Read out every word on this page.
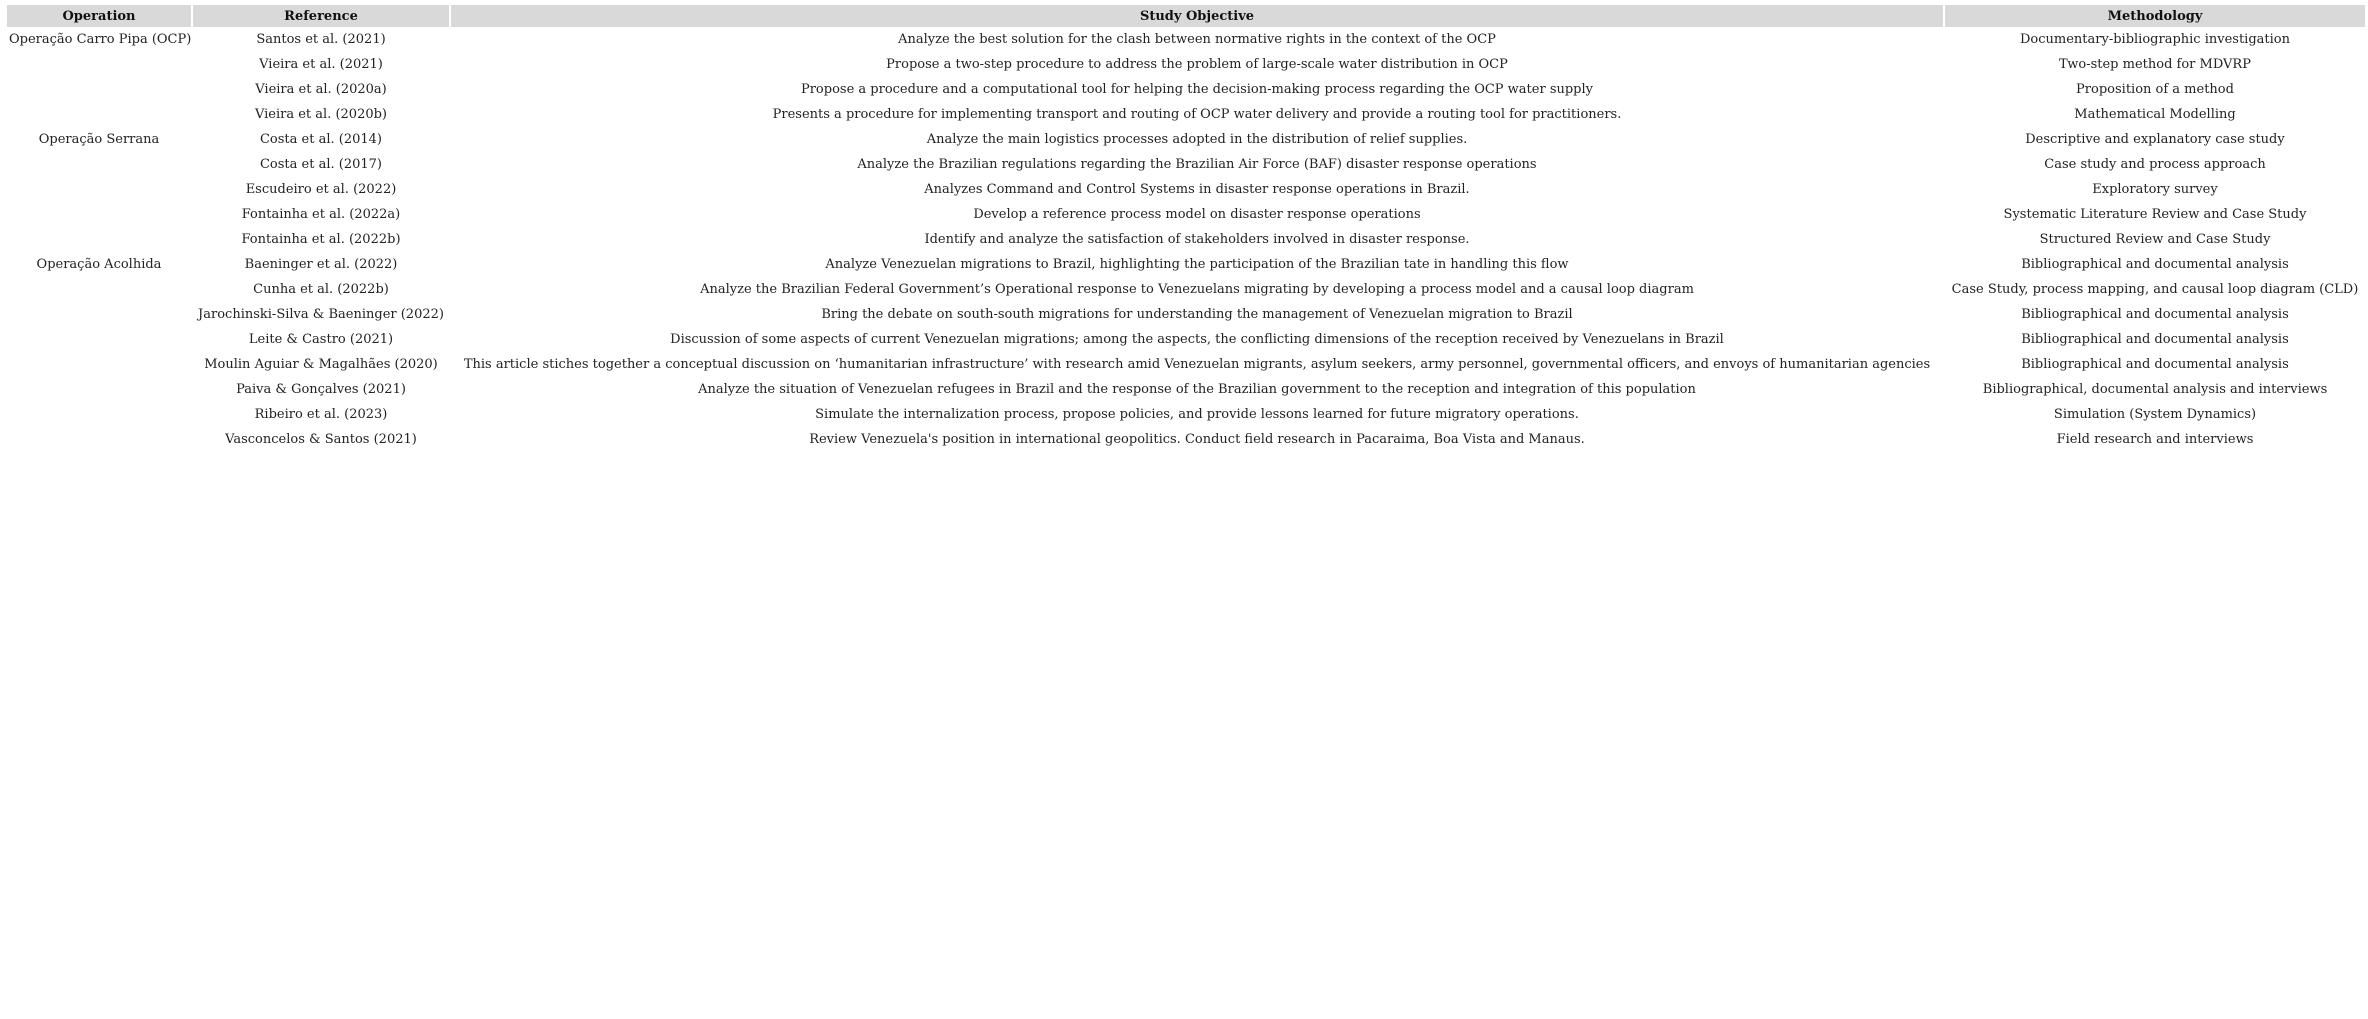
Operation	Reference	Study Objective	Methodology
Operação Carro Pipa (OCP)	Santos et al. (2021)	Analyze the best solution for the clash between normative rights in the context of the OCP	Documentary-bibliographic investigation
	Vieira et al. (2021)	Propose a two-step procedure to address the problem of large-scale water distribution in OCP	Two-step method for MDVRP
	Vieira et al. (2020a)	Propose a procedure and a computational tool for helping the decision-making process regarding the OCP water supply	Proposition of a method
	Vieira et al. (2020b)	Presents a procedure for implementing transport and routing of OCP water delivery and provide a routing tool for practitioners.	Mathematical Modelling
Operação Serrana	Costa et al. (2014)	Analyze the main logistics processes adopted in the distribution of relief supplies.	Descriptive and explanatory case study
	Costa et al. (2017)	Analyze the Brazilian regulations regarding the Brazilian Air Force (BAF) disaster response operations	Case study and process approach
	Escudeiro et al. (2022)	Analyzes Command and Control Systems in disaster response operations in Brazil.	Exploratory survey
	Fontainha et al. (2022a)	Develop a reference process model on disaster response operations	Systematic Literature Review and Case Study
	Fontainha et al. (2022b)	Identify and analyze the satisfaction of stakeholders involved in disaster response.	Structured Review and Case Study
Operação Acolhida	Baeninger et al. (2022)	Analyze Venezuelan migrations to Brazil, highlighting the participation of the Brazilian tate in handling this flow	Bibliographical and documental analysis
	Cunha et al. (2022b)	Analyze the Brazilian Federal Government’s Operational response to Venezuelans migrating by developing a process model and a causal loop diagram	Case Study, process mapping, and causal loop diagram (CLD)
	Jarochinski-Silva & Baeninger (2022)	Bring the debate on south-south migrations for understanding the management of Venezuelan migration to Brazil	Bibliographical and documental analysis
	Leite & Castro (2021)	Discussion of some aspects of current Venezuelan migrations; among the aspects, the conflicting dimensions of the reception received by Venezuelans in Brazil	Bibliographical and documental analysis
	Moulin Aguiar & Magalhães (2020)	This article stiches together a conceptual discussion on ‘humanitarian infrastructure’ with research amid Venezuelan migrants, asylum seekers, army personnel, governmental officers, and envoys of humanitarian agencies	Bibliographical and documental analysis
	Paiva & Gonçalves (2021)	Analyze the situation of Venezuelan refugees in Brazil and the response of the Brazilian government to the reception and integration of this population	Bibliographical, documental analysis and interviews
	Ribeiro et al. (2023)	Simulate the internalization process, propose policies, and provide lessons learned for future migratory operations.	Simulation (System Dynamics)
	Vasconcelos & Santos (2021)	Review Venezuela's position in international geopolitics. Conduct field research in Pacaraima, Boa Vista and Manaus.	Field research and interviews
